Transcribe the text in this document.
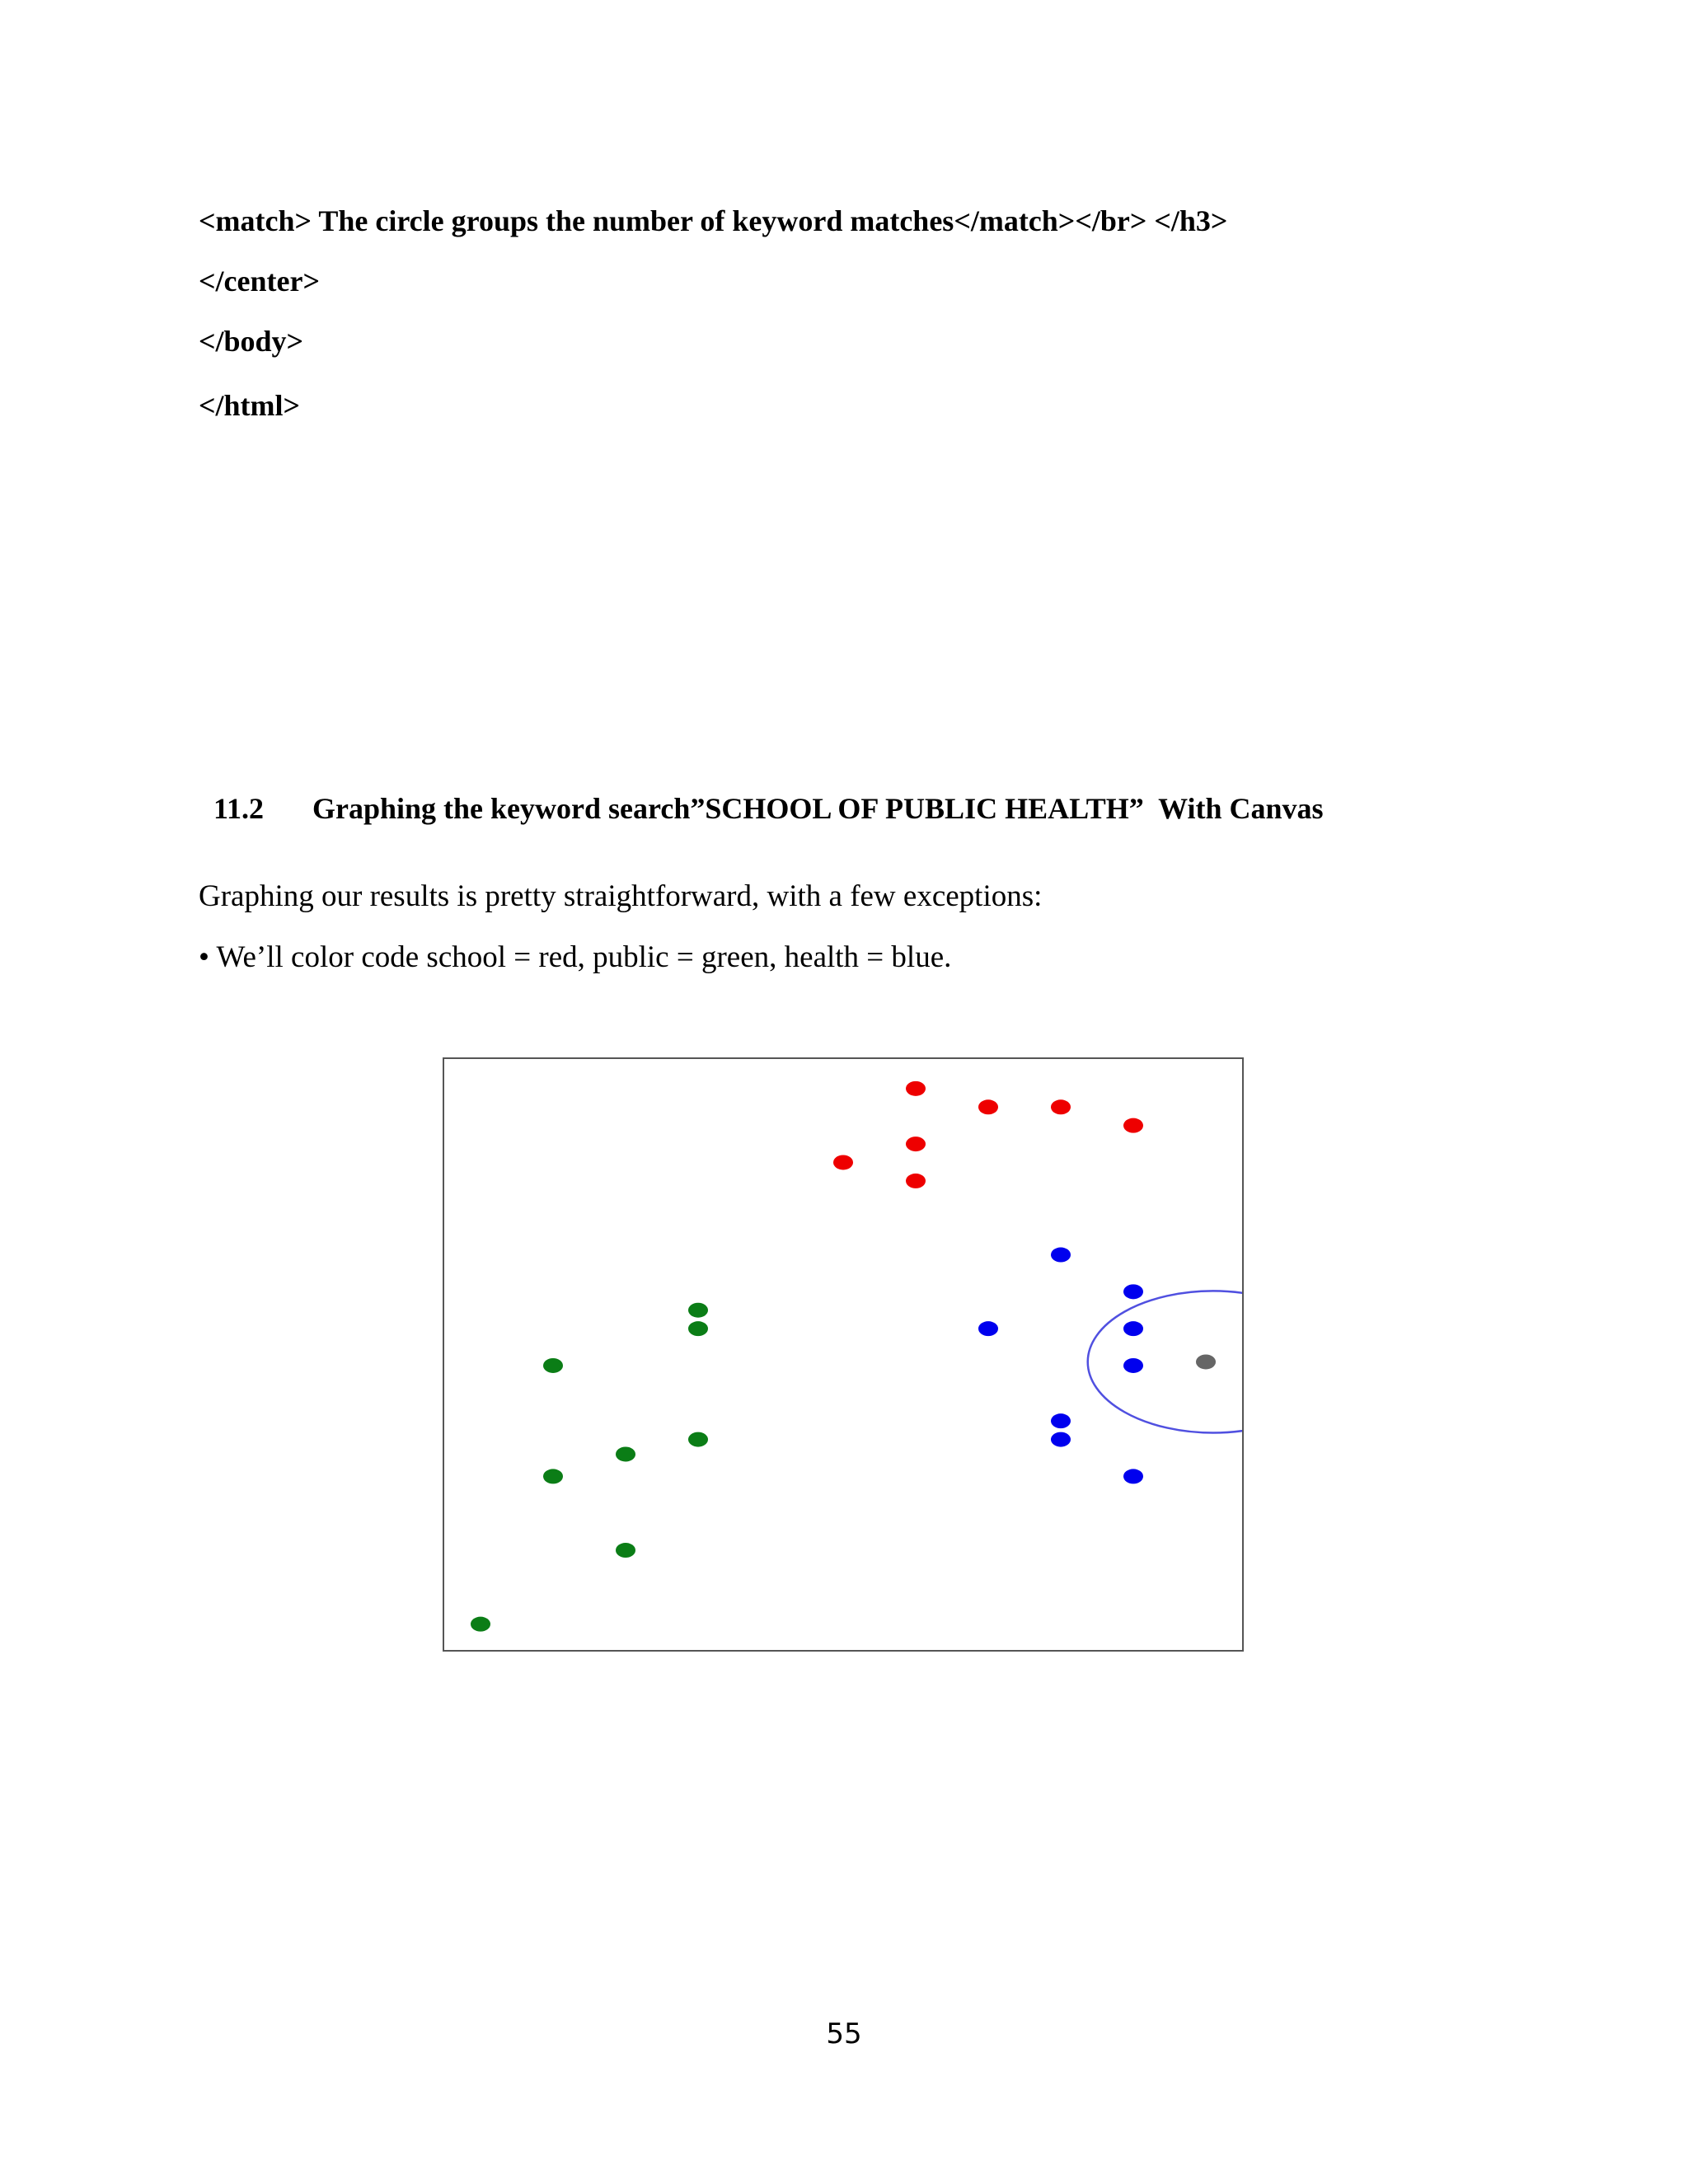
<match> The circle groups the number of keyword matches</match></br> </h3>
</center>
</body>
</html>

11.2 Graphing the keyword search”SCHOOL OF PUBLIC HEALTH”  With Canvas

Graphing our results is pretty straightforward, with a few exceptions:
• We’ll color code school = red, public = green, health = blue.
55
